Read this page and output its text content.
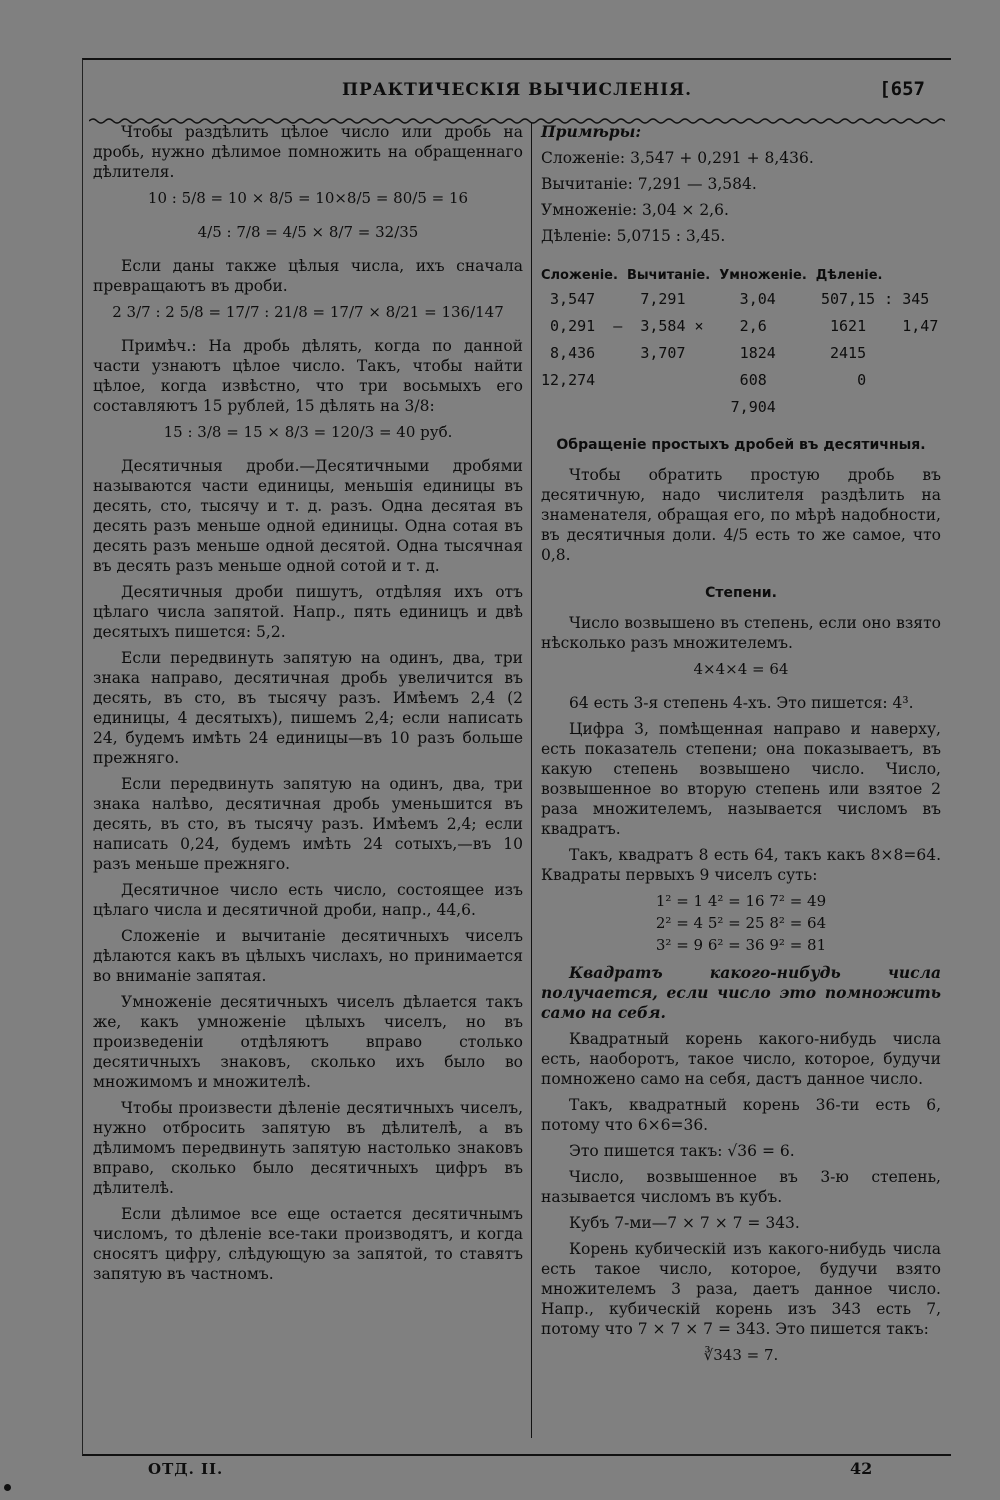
ПРАКТИЧЕСКІЯ ВЫЧИСЛЕНІЯ.	[657

Чтобы раздѣлить цѣлое число или дробь на дробь, нужно дѣлимое помножить на обращеннаго дѣлителя.

10 : 5/8 = 10 × 8/5 = 10×8/5 = 80/5 = 16
4/5 : 7/8 = 4/5 × 8/7 = 32/35

Если даны также цѣлыя числа, ихъ сначала превращаютъ въ дроби.

2 3/7 : 2 5/8 = 17/7 : 21/8 = 17/7 × 8/21 = 136/147

Примѣч.: На дробь дѣлять, когда по данной части узнаютъ цѣлое число. Такъ, чтобы найти цѣлое, когда извѣстно, что три восьмыхъ его составляютъ 15 рублей, 15 дѣлять на 3/8:

15 : 3/8 = 15 × 8/3 = 120/3 = 40 руб.

Десятичныя дроби.—Десятичными дробями называются части единицы, меньшія единицы въ десять, сто, тысячу и т. д. разъ. Одна десятая въ десять разъ меньше одной единицы. Одна сотая въ десять разъ меньше одной десятой. Одна тысячная въ десять разъ меньше одной сотой и т. д.

Десятичныя дроби пишутъ, отдѣляя ихъ отъ цѣлаго числа запятой. Напр., пять единицъ и двѣ десятыхъ пишется: 5,2.

Если передвинуть запятую на одинъ, два, три знака направо, десятичная дробь увеличится въ десять, въ сто, въ тысячу разъ. Имѣемъ 2,4 (2 единицы, 4 десятыхъ), пишемъ 2,4; если написать 24, будемъ имѣть 24 единицы—въ 10 разъ больше прежняго.

Если передвинуть запятую на одинъ, два, три знака налѣво, десятичная дробь уменьшится въ десять, въ сто, въ тысячу разъ. Имѣемъ 2,4; если написать 0,24, будемъ имѣть 24 сотыхъ,—въ 10 разъ меньше прежняго.

Десятичное число есть число, состоящее изъ цѣлаго числа и десятичной дроби, напр., 44,6.

Сложеніе и вычитаніе десятичныхъ чиселъ дѣлаются какъ въ цѣлыхъ числахъ, но принимается во вниманіе запятая.

Умноженіе десятичныхъ чиселъ дѣлается такъ же, какъ умноженіе цѣлыхъ чиселъ, но въ произведеніи отдѣляютъ вправо столько десятичныхъ знаковъ, сколько ихъ было во множимомъ и множителѣ.

Чтобы произвести дѣленіе десятичныхъ чиселъ, нужно отбросить запятую въ дѣлителѣ, а въ дѣлимомъ передвинуть запятую настолько знаковъ вправо, сколько было десятичныхъ цифръ въ дѣлителѣ.

Если дѣлимое все еще остается десятичнымъ числомъ, то дѣленіе все-таки производятъ, и когда сносятъ цифру, слѣдующую за запятой, то ставятъ запятую въ частномъ.

Примѣры:

Сложеніе: 3,547 + 0,291 + 8,436.

Вычитаніе: 7,291 — 3,584.

Умноженіе: 3,04 × 2,6.

Дѣленіе: 5,0715 : 3,45.

Сложеніе.  Вычитаніе.  Умноженіе.  Дѣленіе.
3,547     7,291      3,04     507,15 : 345
0,291  —  3,584 ×    2,6       1621    1,47
8,436     3,707      1824      2415
12,274                608          0
7,904
Обращеніе простыхъ дробей въ десятичныя.

Чтобы обратить простую дробь въ десятичную, надо числителя раздѣлить на знаменателя, обращая его, по мѣрѣ надобности, въ десятичныя доли. 4/5 есть то же самое, что 0,8.

Степени.

Число возвышено въ степень, если оно взято нѣсколько разъ множителемъ.

4×4×4 = 64

64 есть 3-я степень 4-хъ. Это пишется: 4³.

Цифра 3, помѣщенная направо и наверху, есть показатель степени; она показываетъ, въ какую степень возвышено число. Число, возвышенное во вторую степень или взятое 2 раза множителемъ, называется числомъ въ квадратъ.

Такъ, квадратъ 8 есть 64, такъ какъ 8×8=64. Квадраты первыхъ 9 чиселъ суть:

1² = 1 4² = 16 7² = 49
2² = 4 5² = 25 8² = 64
3² = 9 6² = 36 9² = 81

Квадратъ какого-нибудь числа получается, если число это помножить само на себя.

Квадратный корень какого-нибудь числа есть, наоборотъ, такое число, которое, будучи помножено само на себя, дастъ данное число.

Такъ, квадратный корень 36-ти есть 6, потому что 6×6=36.

Это пишется такъ: √36 = 6.

Число, возвышенное въ 3-ю степень, называется числомъ въ кубъ.

Кубъ 7-ми—7 × 7 × 7 = 343.

Корень кубическій изъ какого-нибудь числа есть такое число, которое, будучи взято множителемъ 3 раза, даетъ данное число. Напр., кубическій корень изъ 343 есть 7, потому что 7 × 7 × 7 = 343. Это пишется такъ:

∛343 = 7.
ОТД. II.	42
